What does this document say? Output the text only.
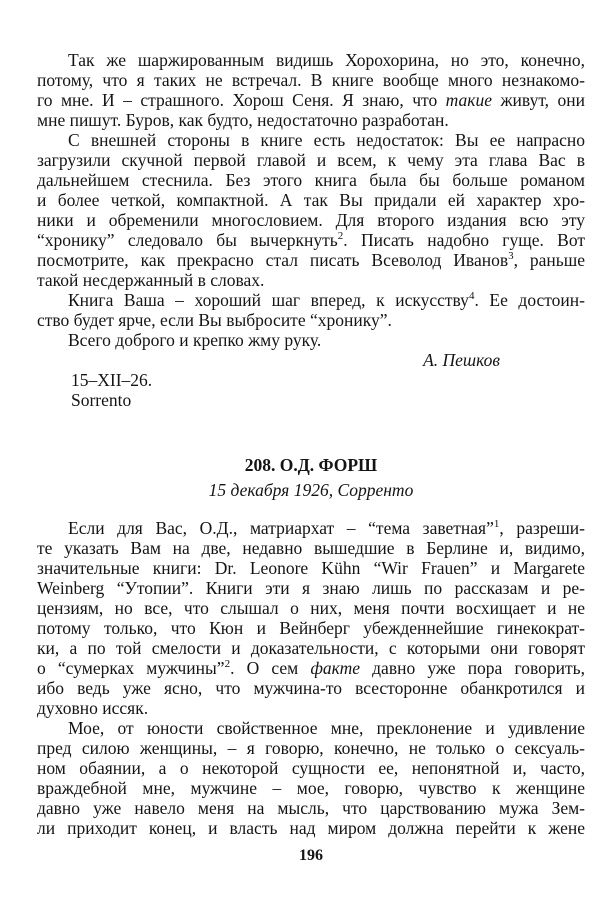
Так же шаржированным видишь Хорохорина, но это, конечно,
потому, что я таких не встречал. В книге вообще много незнакомо-
го мне. И – страшного. Хорош Сеня. Я знаю, что такие живут, они
мне пишут. Буров, как будто, недостаточно разработан.
С внешней стороны в книге есть недостаток: Вы ее напрасно
загрузили скучной первой главой и всем, к чему эта глава Вас в
дальнейшем стеснила. Без этого книга была бы больше романом
и более четкой, компактной. А так Вы придали ей характер хро-
ники и обременили многословием. Для второго издания всю эту
“хронику” следовало бы вычеркнуть$^2$. Писать надобно гуще. Вот
посмотрите, как прекрасно стал писать Всеволод Иванов$^3$, раньше
такой несдержанный в словах.
Книга Ваша – хороший шаг вперед, к искусству$^4$. Ее достоин-
ство будет ярче, если Вы выбросите “хронику”.
Всего доброго и крепко жму руку.
А. Пешков
15–XII–26.
Sorrento
208. О.Д. ФОРШ
15 декабря 1926, Сорренто
Если для Вас, О.Д., матриархат – “тема заветная”$^1$, разреши-
те указать Вам на две, недавно вышедшие в Берлине и, видимо,
значительные книги: Dr. Leonore Kühn “Wir Frauen” и Margarete
Weinberg “Утопии”. Книги эти я знаю лишь по рассказам и ре-
цензиям, но все, что слышал о них, меня почти восхищает и не
потому только, что Кюн и Вейнберг убежденнейшие гинекократ-
ки, а по той смелости и доказательности, с которыми они говорят
о “сумерках мужчины”$^2$. О сем факте давно уже пора говорить,
ибо ведь уже ясно, что мужчина-то всесторонне обанкротился и
духовно иссяк.
Мое, от юности свойственное мне, преклонение и удивление
пред силою женщины, – я говорю, конечно, не только о сексуаль-
ном обаянии, а о некоторой сущности ее, непонятной и, часто,
враждебной мне, мужчине – мое, говорю, чувство к женщине
давно уже навело меня на мысль, что царствованию мужа Зем-
ли приходит конец, и власть над миром должна перейти к жене
196
